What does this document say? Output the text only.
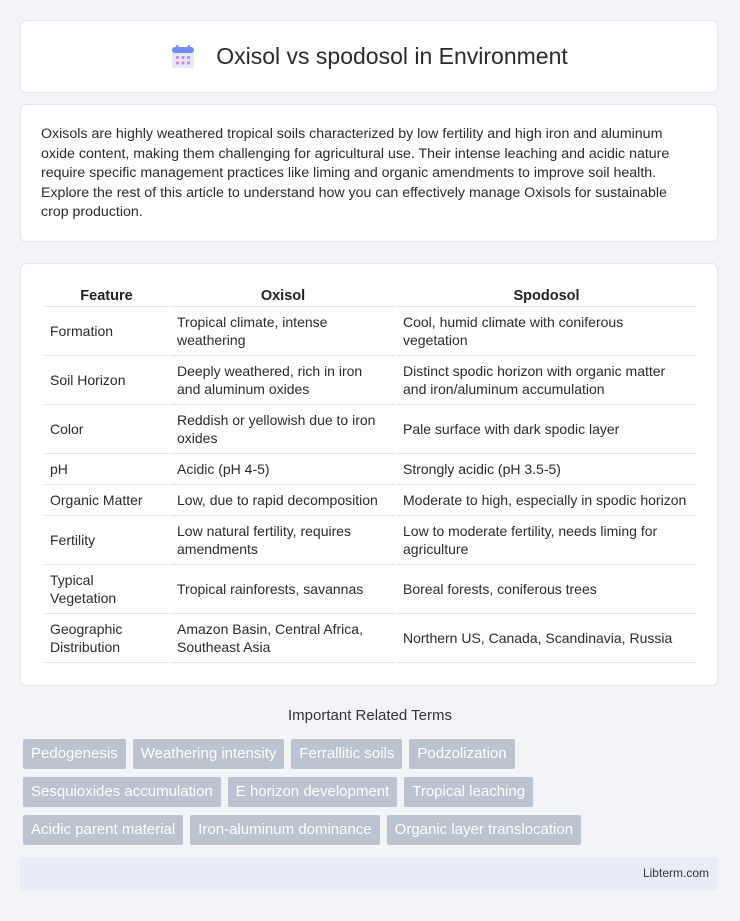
Oxisol vs spodosol in Environment

Oxisols are highly weathered tropical soils characterized by low fertility and high iron and aluminum oxide content, making them challenging for agricultural use. Their intense leaching and acidic nature require specific management practices like liming and organic amendments to improve soil health. Explore the rest of this article to understand how you can effectively manage Oxisols for sustainable crop production.

Feature	Oxisol	Spodosol
Formation	Tropical climate, intense weathering	Cool, humid climate with coniferous vegetation
Soil Horizon	Deeply weathered, rich in iron and aluminum oxides	Distinct spodic horizon with organic matter and iron/aluminum accumulation
Color	Reddish or yellowish due to iron oxides	Pale surface with dark spodic layer
pH	Acidic (pH 4-5)	Strongly acidic (pH 3.5-5)
Organic Matter	Low, due to rapid decomposition	Moderate to high, especially in spodic horizon
Fertility	Low natural fertility, requires amendments	Low to moderate fertility, needs liming for agriculture
Typical Vegetation	Tropical rainforests, savannas	Boreal forests, coniferous trees
Geographic Distribution	Amazon Basin, Central Africa, Southeast Asia	Northern US, Canada, Scandinavia, Russia
Important Related Terms
Pedogenesis	Weathering intensity	Ferrallitic soils	Podzolization
Sesquioxides accumulation	E horizon development	Tropical leaching
Acidic parent material	Iron-aluminum dominance	Organic layer translocation
Libterm.com
